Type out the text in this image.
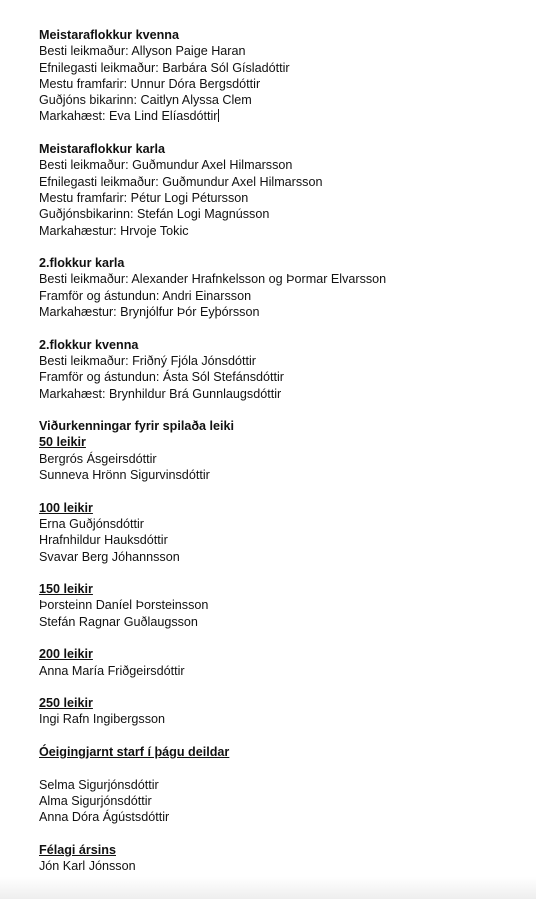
Meistaraflokkur kvenna
Besti leikmaður: Allyson Paige Haran
Efnilegasti leikmaður: Barbára Sól Gísladóttir
Mestu framfarir: Unnur Dóra Bergsdóttir
Guðjóns bikarinn: Caitlyn Alyssa Clem
Markahæst: Eva Lind Elíasdóttir
Meistaraflokkur karla
Besti leikmaður: Guðmundur Axel Hilmarsson
Efnilegasti leikmaður: Guðmundur Axel Hilmarsson
Mestu framfarir: Pétur Logi Pétursson
Guðjónsbikarinn: Stefán Logi Magnússon
Markahæstur: Hrvoje Tokic
2.flokkur karla
Besti leikmaður: Alexander Hrafnkelsson og Þormar Elvarsson
Framför og ástundun: Andri Einarsson
Markahæstur: Brynjólfur Þór Eyþórsson
2.flokkur kvenna
Besti leikmaður: Friðný Fjóla Jónsdóttir
Framför og ástundun: Ásta Sól Stefánsdóttir
Markahæst: Brynhildur Brá Gunnlaugsdóttir
Viðurkenningar fyrir spilaða leiki
50 leikir
Bergrós Ásgeirsdóttir
Sunneva Hrönn Sigurvinsdóttir
100 leikir
Erna Guðjónsdóttir
Hrafnhildur Hauksdóttir
Svavar Berg Jóhannsson
150 leikir
Þorsteinn Daníel Þorsteinsson
Stefán Ragnar Guðlaugsson
200 leikir
Anna María Friðgeirsdóttir
250 leikir
Ingi Rafn Ingibergsson
Óeigingjarnt starf í þágu deildar
Selma Sigurjónsdóttir
Alma Sigurjónsdóttir
Anna Dóra Ágústsdóttir
Félagi ársins
Jón Karl Jónsson
